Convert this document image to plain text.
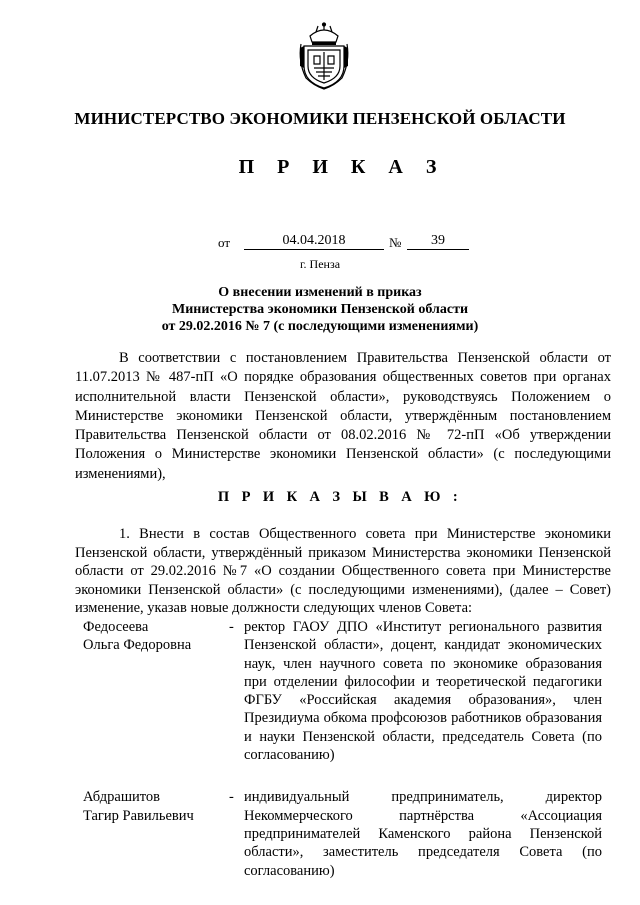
МИНИСТЕРСТВО ЭКОНОМИКИ ПЕНЗЕНСКОЙ ОБЛАСТИ
П Р И К А З
от	04.04.2018	№	39
г. Пенза
О внесении изменений в приказ
Министерства экономики Пензенской области
от 29.02.2016 № 7 (с последующими изменениями)

В соответствии с постановлением Правительства Пензенской области от 11.07.2013 № 487-пП «О порядке образования общественных советов при органах исполнительной власти Пензенской области», руководствуясь Положением о Министерстве экономики Пензенской области, утверждённым постановлением Правительства Пензенской области от 08.02.2016 № 72-пП «Об утверждении Положения о Министерстве экономики Пензенской области» (с последующими изменениями),

П Р И К А З Ы В А Ю :

1. Внести в состав Общественного совета при Министерстве экономики Пензенской области, утверждённый приказом Министерства экономики Пензенской области от 29.02.2016 №7 «О создании Общественного совета при Министерстве экономики Пензенской области» (с последующими изменениями), (далее – Совет) изменение, указав новые должности следующих членов Совета:

Федосеева
Ольга Федоровна
- ректор ГАОУ ДПО «Институт регионального развития Пензенской области», доцент, кандидат экономических наук, член научного совета по экономике образования при отделении философии и теоретической педагогики ФГБУ «Российская академия образования», член Президиума обкома профсоюзов работников образования и науки Пензенской области, председатель Совета (по согласованию)
Абдрашитов
Тагир Равильевич
- индивидуальный предприниматель, директор Некоммерческого партнёрства «Ассоциация предпринимателей Каменского района Пензенской области», заместитель председателя Совета (по согласованию)
